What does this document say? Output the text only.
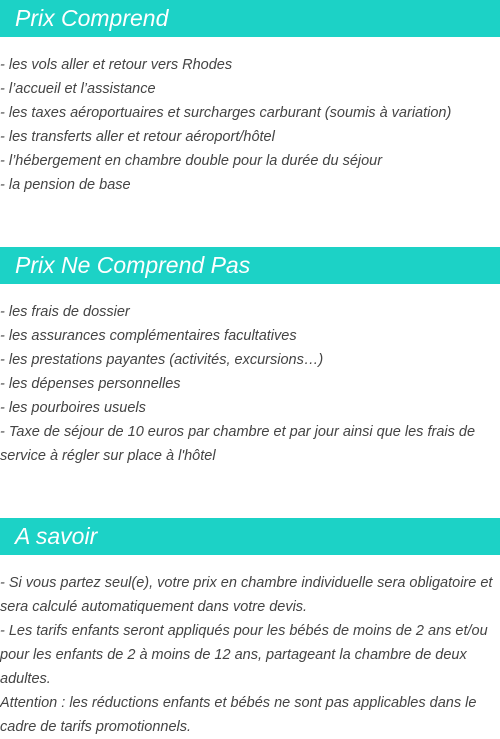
Prix Comprend
- les vols aller et retour vers Rhodes
- l’accueil et l’assistance
- les taxes aéroportuaires et surcharges carburant (soumis à variation)
- les transferts aller et retour aéroport/hôtel
- l’hébergement en chambre double pour la durée du séjour
- la pension de base
Prix Ne Comprend Pas
- les frais de dossier
- les assurances complémentaires facultatives
- les prestations payantes (activités, excursions…)
- les dépenses personnelles
- les pourboires usuels
- Taxe de séjour de 10 euros par chambre et par jour ainsi que les frais de service à régler sur place à l'hôtel
A savoir
- Si vous partez seul(e), votre prix en chambre individuelle sera obligatoire et sera calculé automatiquement dans votre devis.
- Les tarifs enfants seront appliqués pour les bébés de moins de 2 ans et/ou pour les enfants de 2 à moins de 12 ans, partageant la chambre de deux adultes.
Attention : les réductions enfants et bébés ne sont pas applicables dans le cadre de tarifs promotionnels.
